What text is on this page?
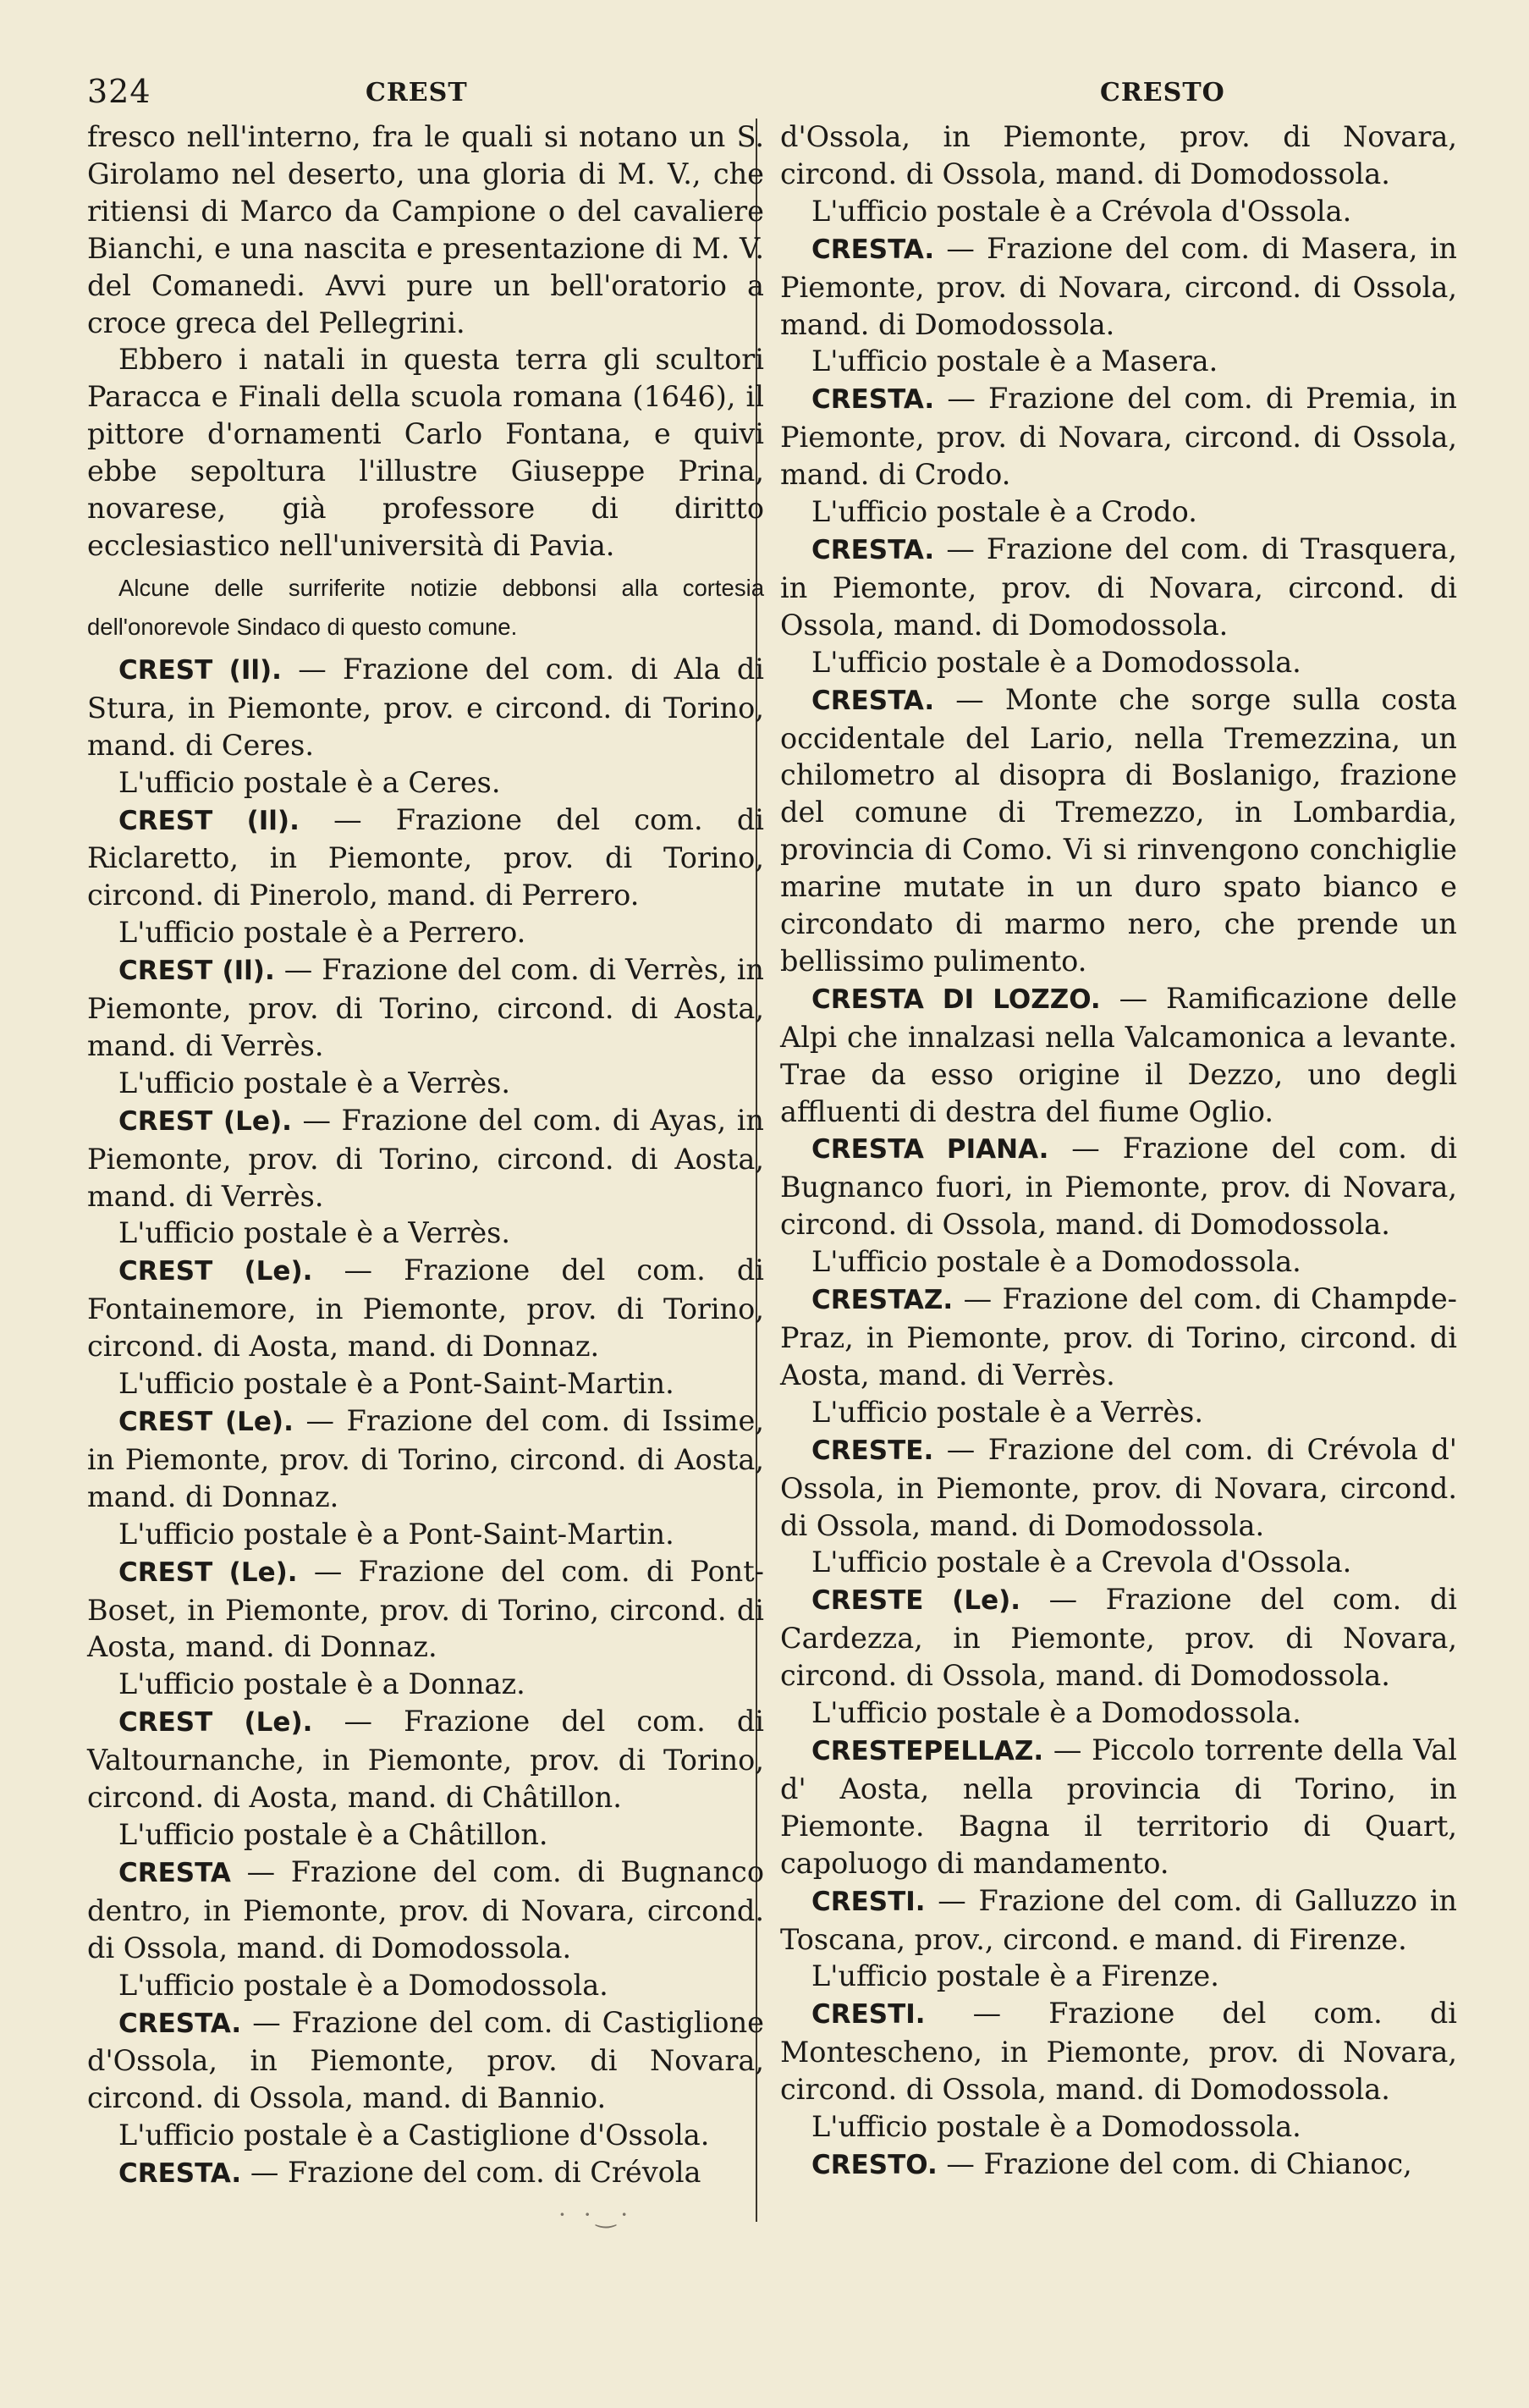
324	CREST	CRESTO

fresco nell'interno, fra le quali si notano un S. Girolamo nel deserto, una gloria di M. V., che ritiensi di Marco da Campione o del cavaliere Bianchi, e una nascita e presentazione di M. V. del Comanedi. Avvi pure un bell'oratorio a croce greca del Pellegrini.

Ebbero i natali in questa terra gli scultori Paracca e Finali della scuola romana (1646), il pittore d'ornamenti Carlo Fontana, e quivi ebbe sepoltura l'illustre Giuseppe Prina, novarese, già professore di diritto ecclesiastico nell'università di Pavia.

Alcune delle surriferite notizie debbonsi alla cortesia dell'onorevole Sindaco di questo comune.

CREST (Il). — Frazione del com. di Ala di Stura, in Piemonte, prov. e circond. di Torino, mand. di Ceres.

L'ufficio postale è a Ceres.

CREST (Il). — Frazione del com. di Riclaretto, in Piemonte, prov. di Torino, circond. di Pinerolo, mand. di Perrero.

L'ufficio postale è a Perrero.

CREST (Il). — Frazione del com. di Verrès, in Piemonte, prov. di Torino, circond. di Aosta, mand. di Verrès.

L'ufficio postale è a Verrès.

CREST (Le). — Frazione del com. di Ayas, in Piemonte, prov. di Torino, circond. di Aosta, mand. di Verrès.

L'ufficio postale è a Verrès.

CREST (Le). — Frazione del com. di Fontainemore, in Piemonte, prov. di Torino, circond. di Aosta, mand. di Donnaz.

L'ufficio postale è a Pont-Saint-Martin.

CREST (Le). — Frazione del com. di Issime, in Piemonte, prov. di Torino, circond. di Aosta, mand. di Donnaz.

L'ufficio postale è a Pont-Saint-Martin.

CREST (Le). — Frazione del com. di Pont-Boset, in Piemonte, prov. di Torino, circond. di Aosta, mand. di Donnaz.

L'ufficio postale è a Donnaz.

CREST (Le). — Frazione del com. di Valtournanche, in Piemonte, prov. di Torino, circond. di Aosta, mand. di Châtillon.

L'ufficio postale è a Châtillon.

CRESTA — Frazione del com. di Bugnanco dentro, in Piemonte, prov. di Novara, circond. di Ossola, mand. di Domodossola.

L'ufficio postale è a Domodossola.

CRESTA. — Frazione del com. di Castiglione d'Ossola, in Piemonte, prov. di Novara, circond. di Ossola, mand. di Bannio.

L'ufficio postale è a Castiglione d'Ossola.

CRESTA. — Frazione del com. di Crévola

d'Ossola, in Piemonte, prov. di Novara, circond. di Ossola, mand. di Domodossola.

L'ufficio postale è a Crévola d'Ossola.

CRESTA. — Frazione del com. di Masera, in Piemonte, prov. di Novara, circond. di Ossola, mand. di Domodossola.

L'ufficio postale è a Masera.

CRESTA. — Frazione del com. di Premia, in Piemonte, prov. di Novara, circond. di Ossola, mand. di Crodo.

L'ufficio postale è a Crodo.

CRESTA. — Frazione del com. di Trasquera, in Piemonte, prov. di Novara, circond. di Ossola, mand. di Domodossola.

L'ufficio postale è a Domodossola.

CRESTA. — Monte che sorge sulla costa occidentale del Lario, nella Tremezzina, un chilometro al disopra di Boslanigo, frazione del comune di Tremezzo, in Lombardia, provincia di Como. Vi si rinvengono conchiglie marine mutate in un duro spato bianco e circondato di marmo nero, che prende un bellissimo pulimento.

CRESTA DI LOZZO. — Ramificazione delle Alpi che innalzasi nella Valcamonica a levante. Trae da esso origine il Dezzo, uno degli affluenti di destra del fiume Oglio.

CRESTA PIANA. — Frazione del com. di Bugnanco fuori, in Piemonte, prov. di Novara, circond. di Ossola, mand. di Domodossola.

L'ufficio postale è a Domodossola.

CRESTAZ. — Frazione del com. di Champde-Praz, in Piemonte, prov. di Torino, circond. di Aosta, mand. di Verrès.

L'ufficio postale è a Verrès.

CRESTE. — Frazione del com. di Crévola d' Ossola, in Piemonte, prov. di Novara, circond. di Ossola, mand. di Domodossola.

L'ufficio postale è a Crevola d'Ossola.

CRESTE (Le). — Frazione del com. di Cardezza, in Piemonte, prov. di Novara, circond. di Ossola, mand. di Domodossola.

L'ufficio postale è a Domodossola.

CRESTEPELLAZ. — Piccolo torrente della Val d' Aosta, nella provincia di Torino, in Piemonte. Bagna il territorio di Quart, capoluogo di mandamento.

CRESTI. — Frazione del com. di Galluzzo in Toscana, prov., circond. e mand. di Firenze.

L'ufficio postale è a Firenze.

CRESTI. — Frazione del com. di Montescheno, in Piemonte, prov. di Novara, circond. di Ossola, mand. di Domodossola.

L'ufficio postale è a Domodossola.

CRESTO. — Frazione del com. di Chianoc,

· ·‿·
